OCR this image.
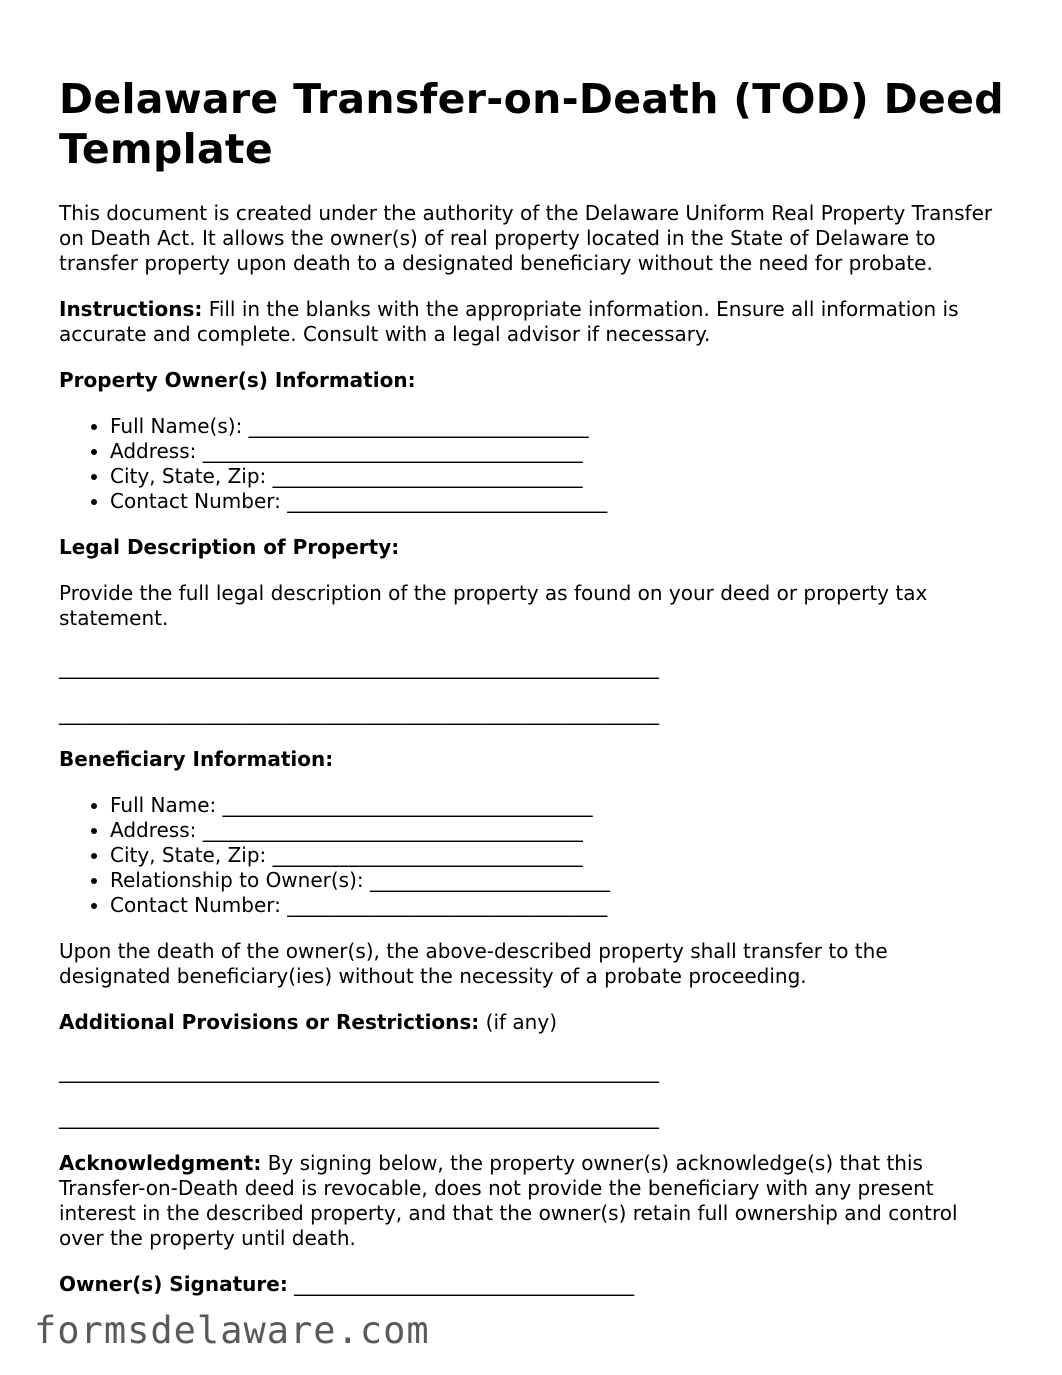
Delaware Transfer-on-Death (TOD) Deed Template

This document is created under the authority of the Delaware Uniform Real Property Transfer on Death Act. It allows the owner(s) of real property located in the State of Delaware to transfer property upon death to a designated beneficiary without the need for probate.

Instructions: Fill in the blanks with the appropriate information. Ensure all information is accurate and complete. Consult with a legal advisor if necessary.

Property Owner(s) Information:
• Full Name(s): __________________________________
• Address: ______________________________________
• City, State, Zip: _______________________________
• Contact Number: ________________________________
Legal Description of Property:

Provide the full legal description of the property as found on your deed or property tax statement.

____________________________________________________________
____________________________________________________________
Beneficiary Information:
• Full Name: _____________________________________
• Address: ______________________________________
• City, State, Zip: _______________________________
• Relationship to Owner(s): ________________________
• Contact Number: ________________________________

Upon the death of the owner(s), the above-described property shall transfer to the designated beneficiary(ies) without the necessity of a probate proceeding.

Additional Provisions or Restrictions: (if any)

____________________________________________________________
____________________________________________________________

Acknowledgment: By signing below, the property owner(s) acknowledge(s) that this Transfer-on-Death deed is revocable, does not provide the beneficiary with any present interest in the described property, and that the owner(s) retain full ownership and control over the property until death.

Owner(s) Signature: __________________________________

formsdelaware.com
